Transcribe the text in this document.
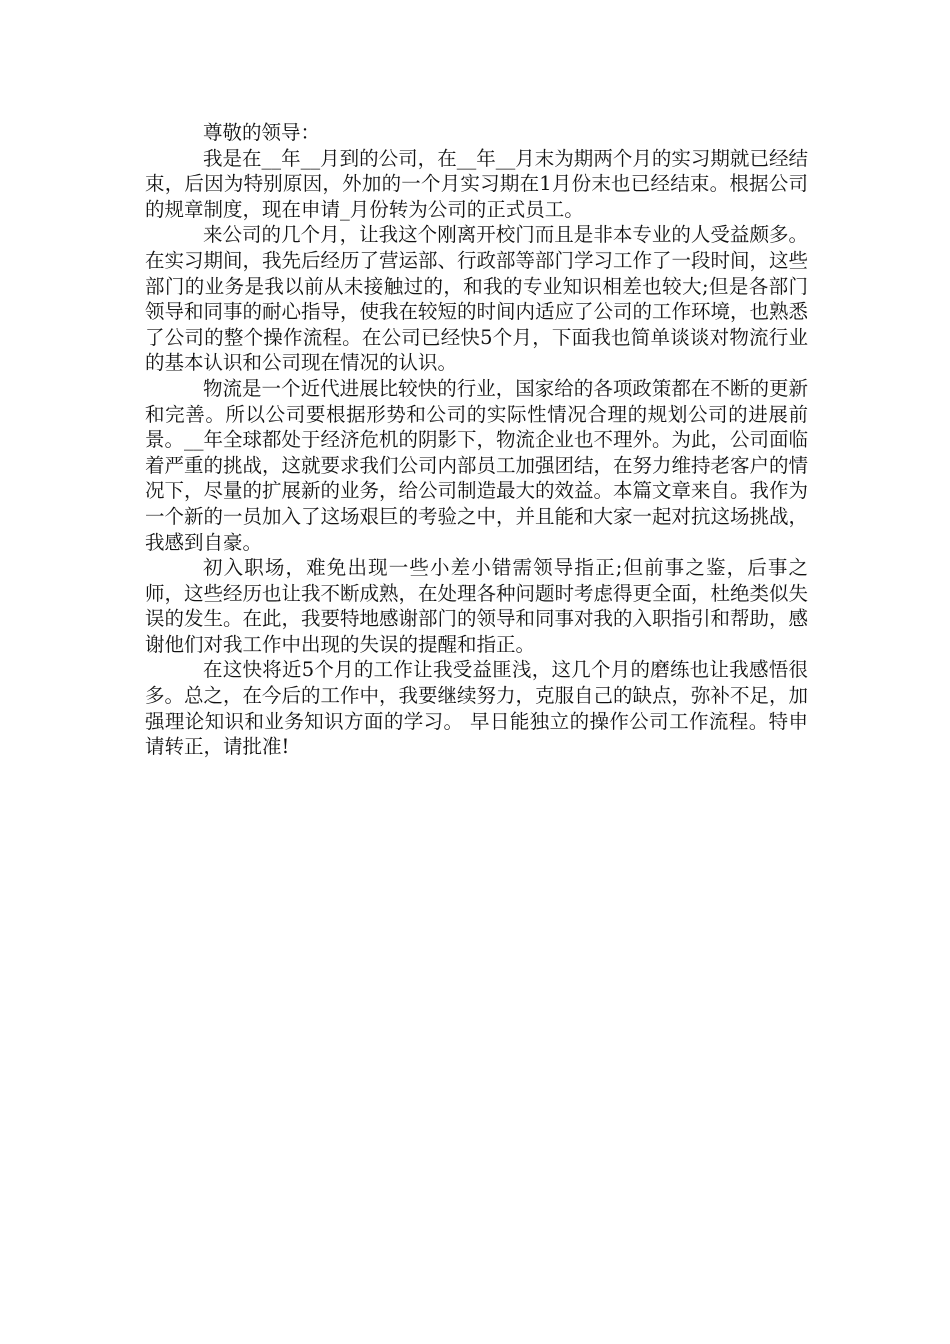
尊敬的领导：

我是在__年__月到的公司，在__年__月末为期两个月的实习期就已经结束，后因为特别原因，外加的一个月实习期在1月份末也已经结束。根据公司的规章制度，现在申请_月份转为公司的正式员工。

来公司的几个月，让我这个刚离开校门而且是非本专业的人受益颇多。在实习期间，我先后经历了营运部、行政部等部门学习工作了一段时间，这些部门的业务是我以前从未接触过的，和我的专业知识相差也较大;但是各部门领导和同事的耐心指导，使我在较短的时间内适应了公司的工作环境，也熟悉了公司的整个操作流程。在公司已经快5个月，下面我也简单谈谈对物流行业的基本认识和公司现在情况的认识。

物流是一个近代进展比较快的行业，国家给的各项政策都在不断的更新和完善。所以公司要根据形势和公司的实际性情况合理的规划公司的进展前景。__年全球都处于经济危机的阴影下，物流企业也不理外。为此，公司面临着严重的挑战，这就要求我们公司内部员工加强团结，在努力维持老客户的情况下，尽量的扩展新的业务，给公司制造最大的效益。本篇文章来自。我作为一个新的一员加入了这场艰巨的考验之中，并且能和大家一起对抗这场挑战，我感到自豪。

初入职场，难免出现一些小差小错需领导指正;但前事之鉴，后事之师，这些经历也让我不断成熟，在处理各种问题时考虑得更全面，杜绝类似失误的发生。在此，我要特地感谢部门的领导和同事对我的入职指引和帮助，感谢他们对我工作中出现的失误的提醒和指正。

在这快将近5个月的工作让我受益匪浅，这几个月的磨练也让我感悟很多。总之，在今后的工作中，我要继续努力，克服自己的缺点，弥补不足，加强理论知识和业务知识方面的学习。 早日能独立的操作公司工作流程。特申请转正，请批准!
